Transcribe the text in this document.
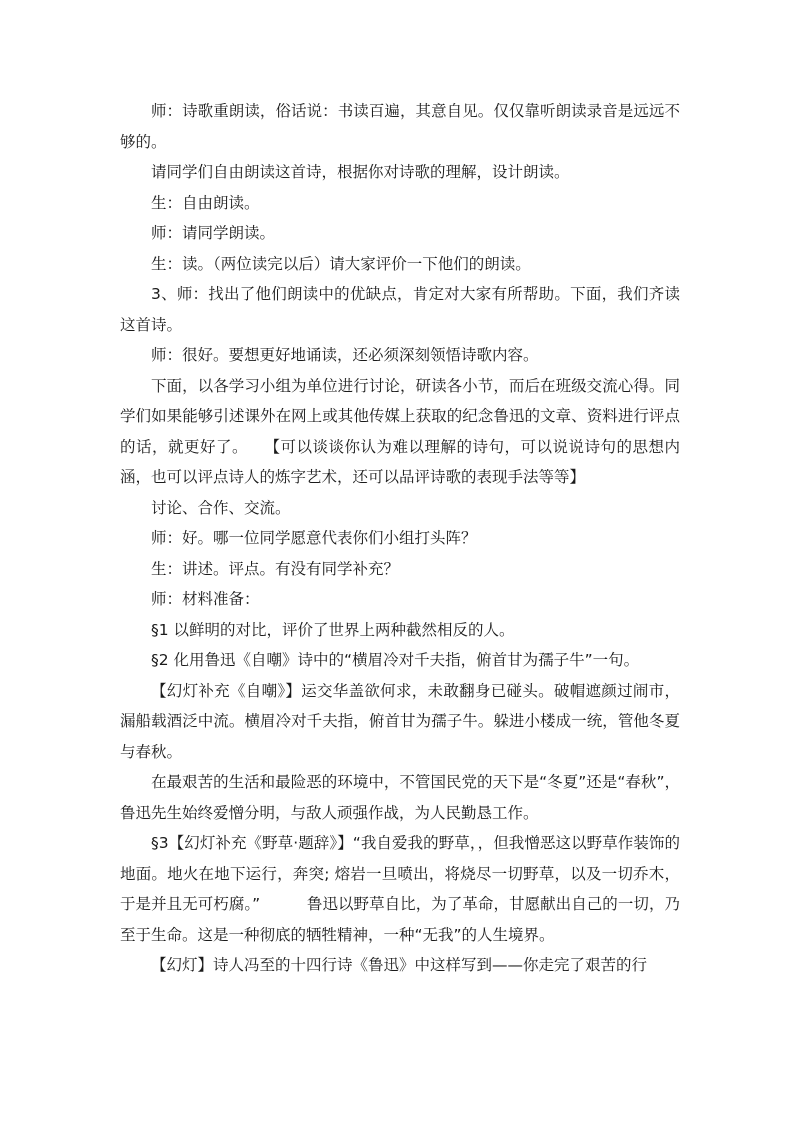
师：诗歌重朗读，俗话说：书读百遍，其意自见。仅仅靠听朗读录音是远远不够的。

请同学们自由朗读这首诗，根据你对诗歌的理解，设计朗读。

生：自由朗读。

师：请同学朗读。

生：读。（两位读完以后）请大家评价一下他们的朗读。

3、师：找出了他们朗读中的优缺点，肯定对大家有所帮助。下面，我们齐读这首诗。

师：很好。要想更好地诵读，还必须深刻领悟诗歌内容。

下面，以各学习小组为单位进行讨论，研读各小节，而后在班级交流心得。同学们如果能够引述课外在网上或其他传媒上获取的纪念鲁迅的文章、资料进行评点的话，就更好了。　　【可以谈谈你认为难以理解的诗句，可以说说诗句的思想内涵，也可以评点诗人的炼字艺术，还可以品评诗歌的表现手法等等】

讨论、合作、交流。

师：好。哪一位同学愿意代表你们小组打头阵？

生：讲述。评点。有没有同学补充？

师：材料准备：

§1 以鲜明的对比，评价了世界上两种截然相反的人。

§2 化用鲁迅《自嘲》诗中的“横眉冷对千夫指，俯首甘为孺子牛”一句。

【幻灯补充《自嘲》】运交华盖欲何求，未敢翻身已碰头。破帽遮颜过闹市，漏船载酒泛中流。横眉冷对千夫指，俯首甘为孺子牛。躲进小楼成一统，管他冬夏与春秋。

在最艰苦的生活和最险恶的环境中，不管国民党的天下是“冬夏”还是“春秋”，鲁迅先生始终爱憎分明，与敌人顽强作战，为人民勤恳工作。

§3【幻灯补充《野草·题辞》】“我自爱我的野草，，但我憎恶这以野草作装饰的地面。地火在地下运行，奔突; 熔岩一旦喷出，将烧尽一切野草，以及一切乔木，于是并且无可朽腐。”　　　鲁迅以野草自比，为了革命，甘愿献出自己的一切，乃至于生命。这是一种彻底的牺牲精神，一种“无我”的人生境界。

【幻灯】诗人冯至的十四行诗《鲁迅》中这样写到——你走完了艰苦的行
